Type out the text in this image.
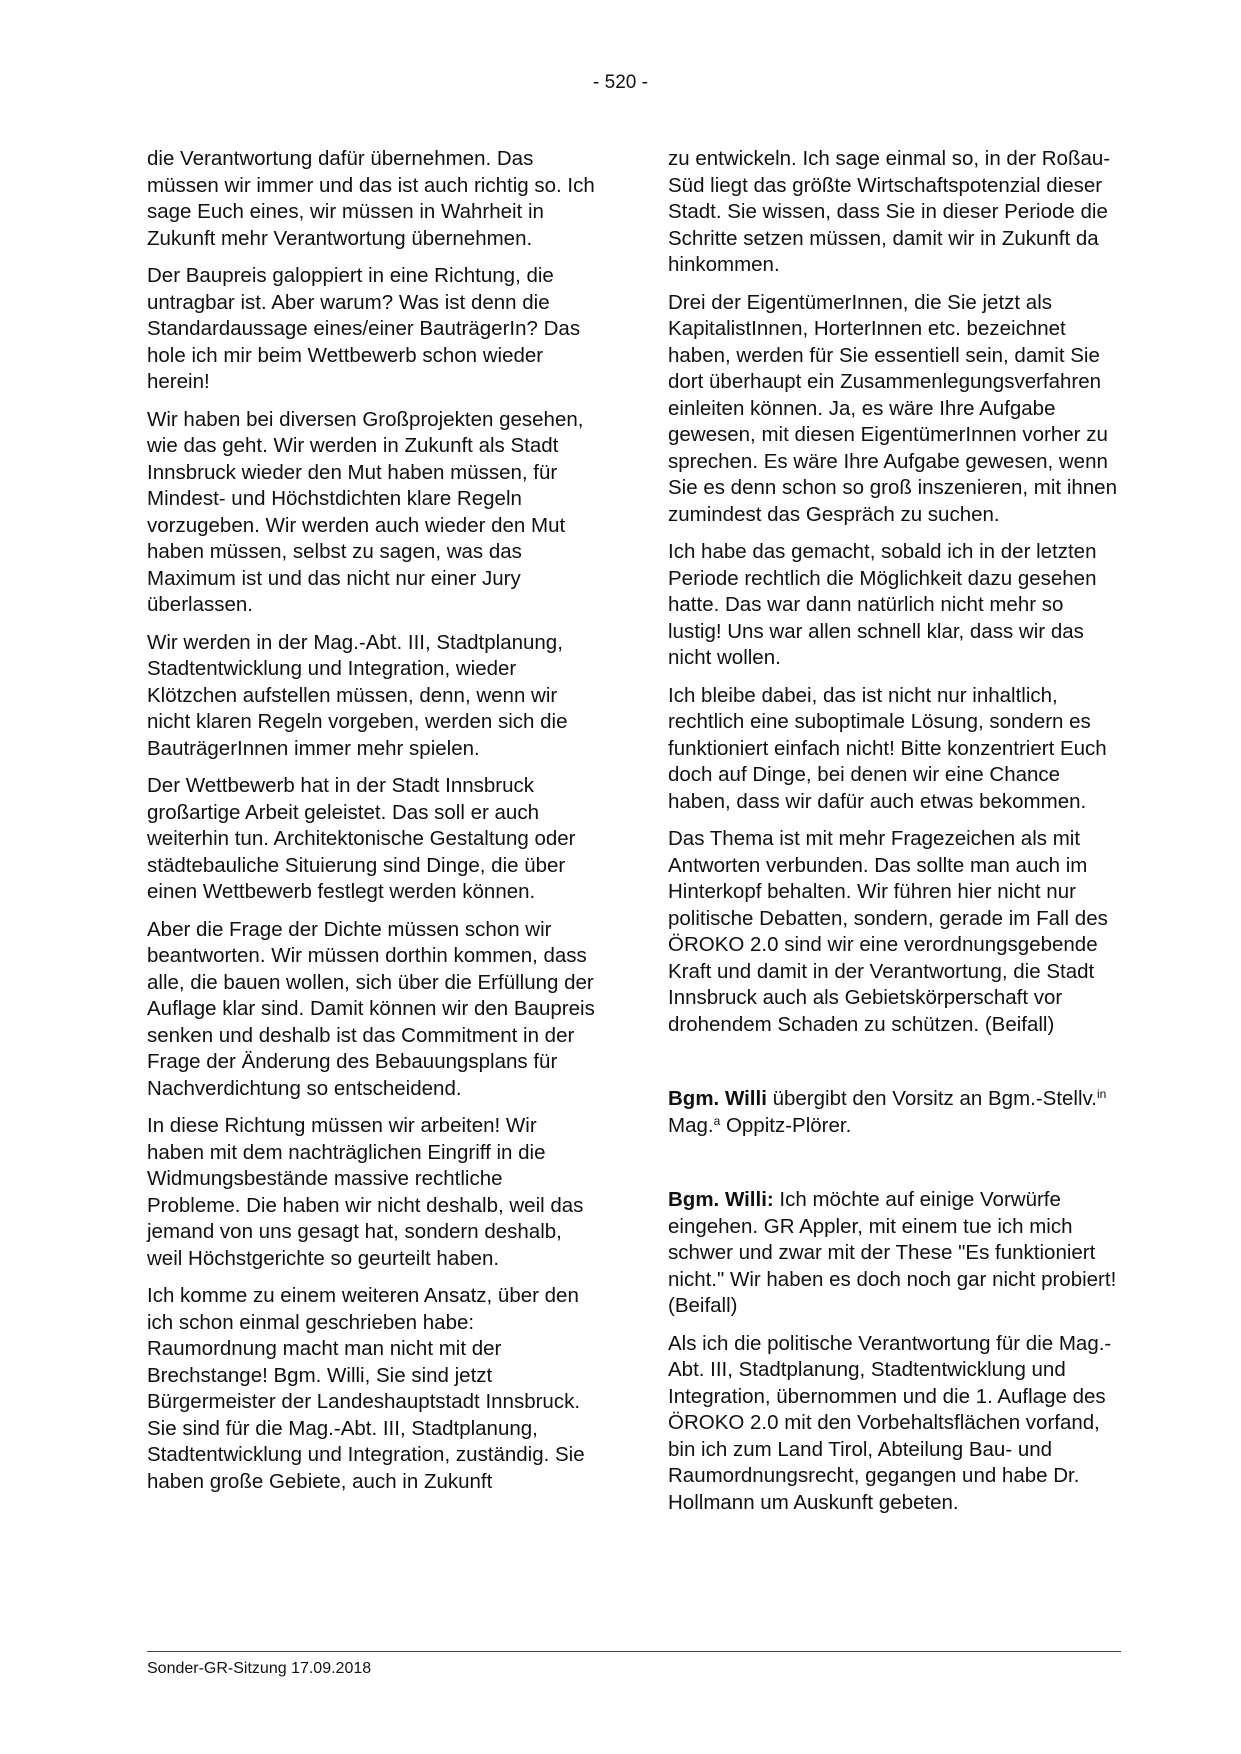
- 520 -

die Verantwortung dafür übernehmen. Das müssen wir immer und das ist auch richtig so. Ich sage Euch eines, wir müssen in Wahrheit in Zukunft mehr Verantwortung übernehmen.

Der Baupreis galoppiert in eine Richtung, die untragbar ist. Aber warum? Was ist denn die Standardaussage eines/einer BauträgerIn? Das hole ich mir beim Wettbewerb schon wieder herein!

Wir haben bei diversen Großprojekten gesehen, wie das geht. Wir werden in Zukunft als Stadt Innsbruck wieder den Mut haben müssen, für Mindest- und Höchstdichten klare Regeln vorzugeben. Wir werden auch wieder den Mut haben müssen, selbst zu sagen, was das Maximum ist und das nicht nur einer Jury überlassen.

Wir werden in der Mag.-Abt. III, Stadtplanung, Stadtentwicklung und Integration, wieder Klötzchen aufstellen müssen, denn, wenn wir nicht klaren Regeln vorgeben, werden sich die BauträgerInnen immer mehr spielen.

Der Wettbewerb hat in der Stadt Innsbruck großartige Arbeit geleistet. Das soll er auch weiterhin tun. Architektonische Gestaltung oder städtebauliche Situierung sind Dinge, die über einen Wettbewerb festlegt werden können.

Aber die Frage der Dichte müssen schon wir beantworten. Wir müssen dorthin kommen, dass alle, die bauen wollen, sich über die Erfüllung der Auflage klar sind. Damit können wir den Baupreis senken und deshalb ist das Commitment in der Frage der Änderung des Bebauungsplans für Nachverdichtung so entscheidend.

In diese Richtung müssen wir arbeiten! Wir haben mit dem nachträglichen Eingriff in die Widmungsbestände massive rechtliche Probleme. Die haben wir nicht deshalb, weil das jemand von uns gesagt hat, sondern deshalb, weil Höchstgerichte so geurteilt haben.

Ich komme zu einem weiteren Ansatz, über den ich schon einmal geschrieben habe: Raumordnung macht man nicht mit der Brechstange! Bgm. Willi, Sie sind jetzt Bürgermeister der Landeshauptstadt Innsbruck. Sie sind für die Mag.-Abt. III, Stadtplanung, Stadtentwicklung und Integration, zuständig. Sie haben große Gebiete, auch in Zukunft

zu entwickeln. Ich sage einmal so, in der Roßau-Süd liegt das größte Wirtschaftspotenzial dieser Stadt. Sie wissen, dass Sie in dieser Periode die Schritte setzen müssen, damit wir in Zukunft da hinkommen.

Drei der EigentümerInnen, die Sie jetzt als KapitalistInnen, HorterInnen etc. bezeichnet haben, werden für Sie essentiell sein, damit Sie dort überhaupt ein Zusammenlegungsverfahren einleiten können. Ja, es wäre Ihre Aufgabe gewesen, mit diesen EigentümerInnen vorher zu sprechen. Es wäre Ihre Aufgabe gewesen, wenn Sie es denn schon so groß inszenieren, mit ihnen zumindest das Gespräch zu suchen.

Ich habe das gemacht, sobald ich in der letzten Periode rechtlich die Möglichkeit dazu gesehen hatte. Das war dann natürlich nicht mehr so lustig! Uns war allen schnell klar, dass wir das nicht wollen.

Ich bleibe dabei, das ist nicht nur inhaltlich, rechtlich eine suboptimale Lösung, sondern es funktioniert einfach nicht! Bitte konzentriert Euch doch auf Dinge, bei denen wir eine Chance haben, dass wir dafür auch etwas bekommen.

Das Thema ist mit mehr Fragezeichen als mit Antworten verbunden. Das sollte man auch im Hinterkopf behalten. Wir führen hier nicht nur politische Debatten, sondern, gerade im Fall des ÖROKO 2.0 sind wir eine verordnungsgebende Kraft und damit in der Verantwortung, die Stadt Innsbruck auch als Gebietskörperschaft vor drohendem Schaden zu schützen. (Beifall)

Bgm. Willi übergibt den Vorsitz an Bgm.-Stellv.$^{in}$ Mag.$^a$ Oppitz-Plörer.

Bgm. Willi: Ich möchte auf einige Vorwürfe eingehen. GR Appler, mit einem tue ich mich schwer und zwar mit der These "Es funktioniert nicht." Wir haben es doch noch gar nicht probiert! (Beifall)

Als ich die politische Verantwortung für die Mag.-Abt. III, Stadtplanung, Stadtentwicklung und Integration, übernommen und die 1. Auflage des ÖROKO 2.0 mit den Vorbehaltsflächen vorfand, bin ich zum Land Tirol, Abteilung Bau- und Raumordnungsrecht, gegangen und habe Dr. Hollmann um Auskunft gebeten.

Sonder-GR-Sitzung 17.09.2018
